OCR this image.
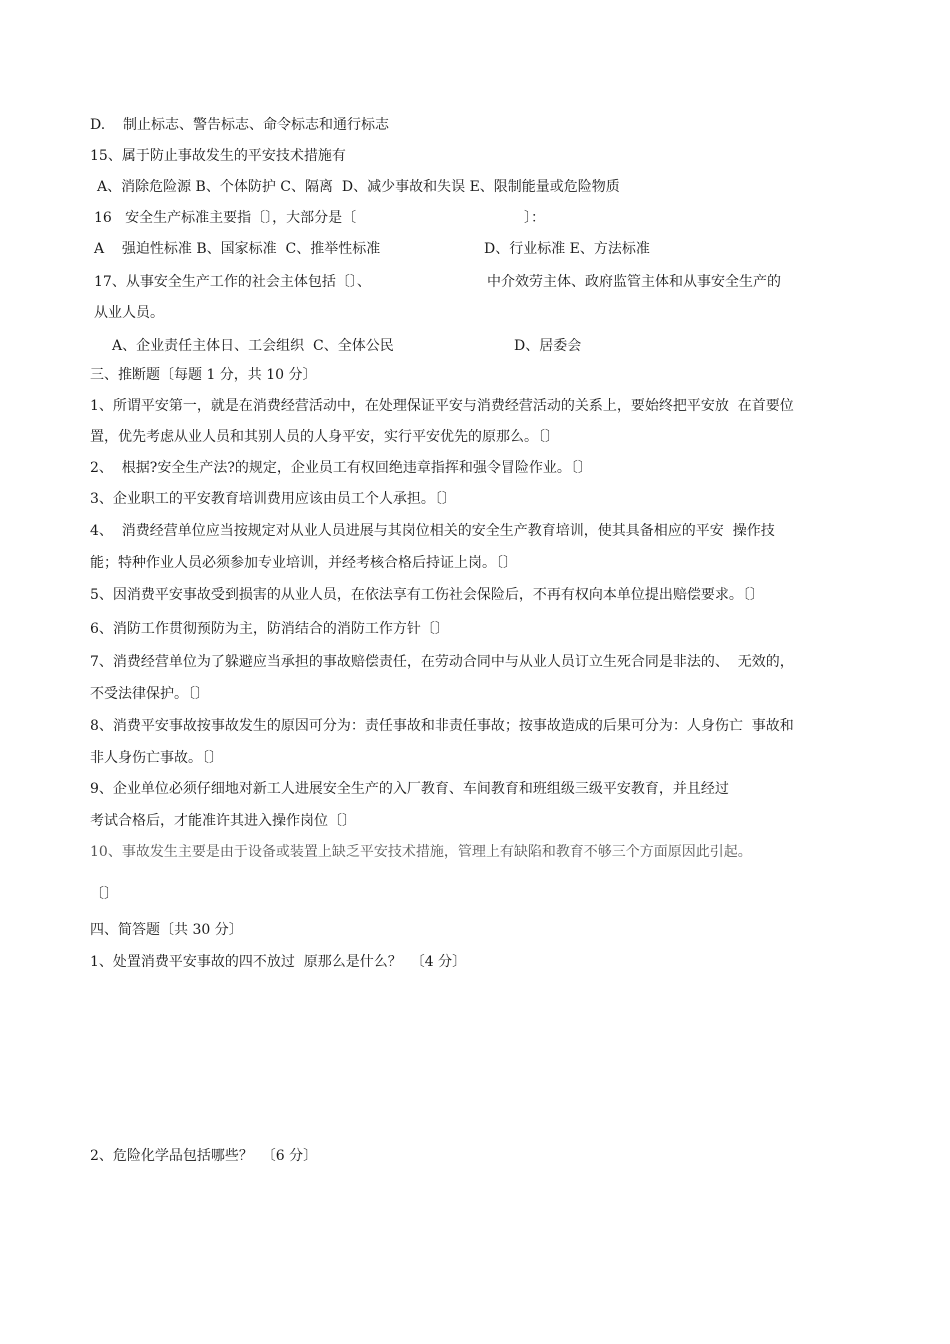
D.    制止标志、警告标志、命令标志和通行标志
15、属于防止事故发生的平安技术措施有
A、消除危险源 B、个体防护 C、隔离  D、减少事故和失误 E、限制能量或危险物质
16   安全生产标准主要指〔〕，大部分是〔	〕：
A    强迫性标准 B、国家标准  C、推举性标准	D、行业标准 E、方法标准
17、从事安全生产工作的社会主体包括〔〕、	中介效劳主体、政府监管主体和从事安全生产的
从业人员。
A、企业责任主体日、工会组织  C、全体公民	D、居委会
三、推断题〔每题 1 分，共 10 分〕
1、所谓平安第一，就是在消费经营活动中，在处理保证平安与消费经营活动的关系上，要始终把平安放  在首要位
置，优先考虑从业人员和其别人员的人身平安，实行平安优先的原那么。〔〕
2、  根据?安全生产法?的规定，企业员工有权回绝违章指挥和强令冒险作业。〔〕
3、企业职工的平安教育培训费用应该由员工个人承担。〔〕
4、  消费经营单位应当按规定对从业人员进展与其岗位相关的安全生产教育培训，使其具备相应的平安  操作技
能；特种作业人员必须参加专业培训，并经考核合格后持证上岗。〔〕
5、因消费平安事故受到损害的从业人员，在依法享有工伤社会保险后，不再有权向本单位提出赔偿要求。〔〕
6、消防工作贯彻预防为主，防消结合的消防工作方针〔〕
7、消费经营单位为了躲避应当承担的事故赔偿责任，在劳动合同中与从业人员订立生死合同是非法的、  无效的，
不受法律保护。〔〕
8、消费平安事故按事故发生的原因可分为：责任事故和非责任事故；按事故造成的后果可分为：人身伤亡  事故和
非人身伤亡事故。〔〕
9、企业单位必须仔细地对新工人进展安全生产的入厂教育、车间教育和班组级三级平安教育，并且经过
考试合格后，才能准许其进入操作岗位〔〕
10、事故发生主要是由于设备或装置上缺乏平安技术措施，管理上有缺陷和教育不够三个方面原因此引起。
〔〕
四、简答题〔共 30 分〕
1、处置消费平安事故的四不放过  原那么是什么？  〔4 分〕
2、危险化学品包括哪些？  〔6 分〕
